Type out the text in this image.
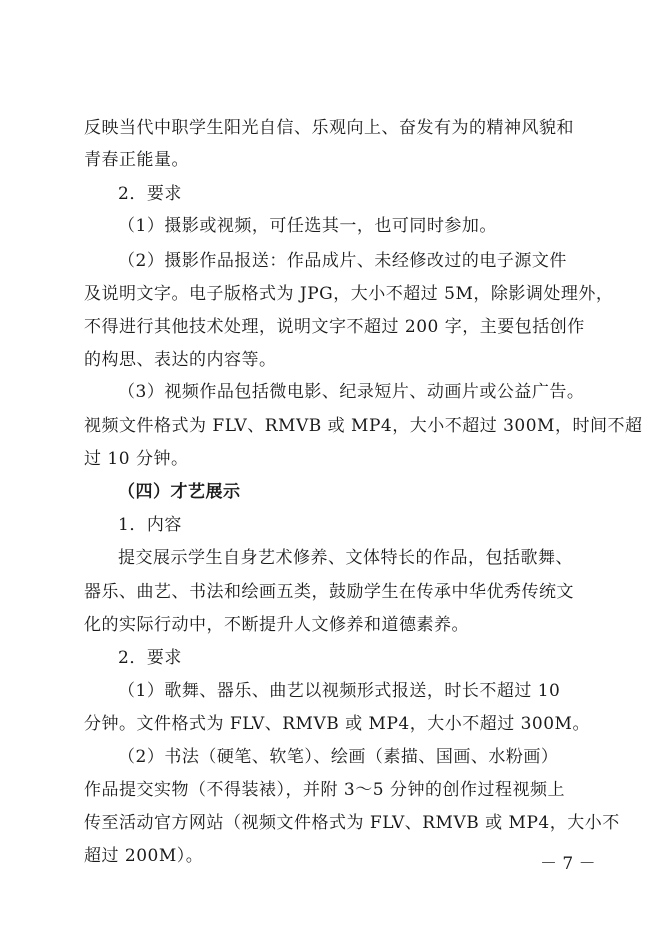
反映当代中职学生阳光自信、乐观向上、奋发有为的精神风貌和
青春正能量。
2．要求
（1）摄影或视频，可任选其一，也可同时参加。
（2）摄影作品报送：作品成片、未经修改过的电子源文件
及说明文字。电子版格式为 JPG，大小不超过 5M，除影调处理外，
不得进行其他技术处理，说明文字不超过 200 字，主要包括创作
的构思、表达的内容等。
（3）视频作品包括微电影、纪录短片、动画片或公益广告。
视频文件格式为 FLV、RMVB 或 MP4，大小不超过 300M，时间不超
过 10 分钟。
（四）才艺展示
1．内容
提交展示学生自身艺术修养、文体特长的作品，包括歌舞、
器乐、曲艺、书法和绘画五类，鼓励学生在传承中华优秀传统文
化的实际行动中，不断提升人文修养和道德素养。
2．要求
（1）歌舞、器乐、曲艺以视频形式报送，时长不超过 10
分钟。文件格式为 FLV、RMVB 或 MP4，大小不超过 300M。
（2）书法（硬笔、软笔）、绘画（素描、国画、水粉画）
作品提交实物（不得装裱），并附 3～5 分钟的创作过程视频上
传至活动官方网站（视频文件格式为 FLV、RMVB 或 MP4，大小不
超过 200M）。	－ 7 －
